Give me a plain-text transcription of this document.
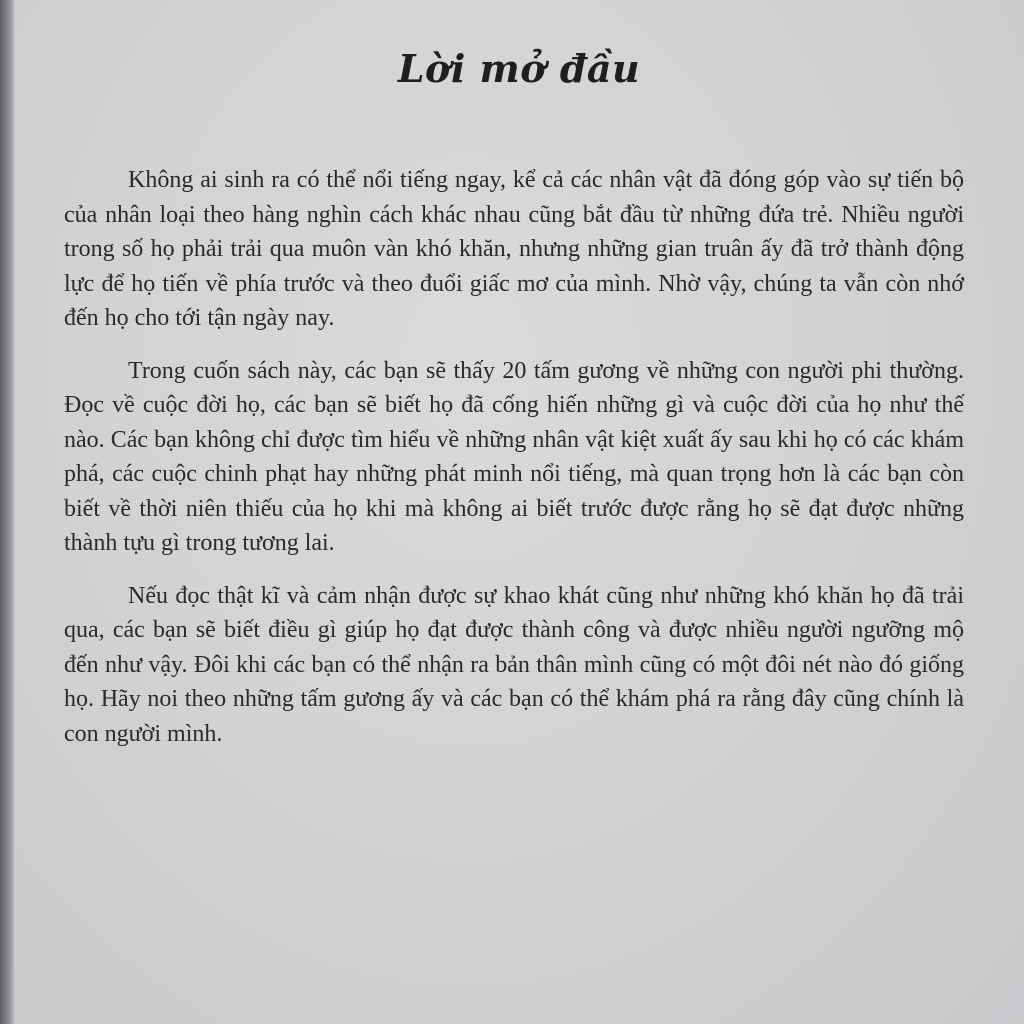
Lời mở đầu

Không ai sinh ra có thể nổi tiếng ngay, kể cả các nhân vật đã đóng góp vào sự tiến bộ của nhân loại theo hàng nghìn cách khác nhau cũng bắt đầu từ những đứa trẻ. Nhiều người trong số họ phải trải qua muôn vàn khó khăn, nhưng những gian truân ấy đã trở thành động lực để họ tiến về phía trước và theo đuổi giấc mơ của mình. Nhờ vậy, chúng ta vẫn còn nhớ đến họ cho tới tận ngày nay.

Trong cuốn sách này, các bạn sẽ thấy 20 tấm gương về những con người phi thường. Đọc về cuộc đời họ, các bạn sẽ biết họ đã cống hiến những gì và cuộc đời của họ như thế nào. Các bạn không chỉ được tìm hiểu về những nhân vật kiệt xuất ấy sau khi họ có các khám phá, các cuộc chinh phạt hay những phát minh nổi tiếng, mà quan trọng hơn là các bạn còn biết về thời niên thiếu của họ khi mà không ai biết trước được rằng họ sẽ đạt được những thành tựu gì trong tương lai.

Nếu đọc thật kĩ và cảm nhận được sự khao khát cũng như những khó khăn họ đã trải qua, các bạn sẽ biết điều gì giúp họ đạt được thành công và được nhiều người ngưỡng mộ đến như vậy. Đôi khi các bạn có thể nhận ra bản thân mình cũng có một đôi nét nào đó giống họ. Hãy noi theo những tấm gương ấy và các bạn có thể khám phá ra rằng đây cũng chính là con người mình.
